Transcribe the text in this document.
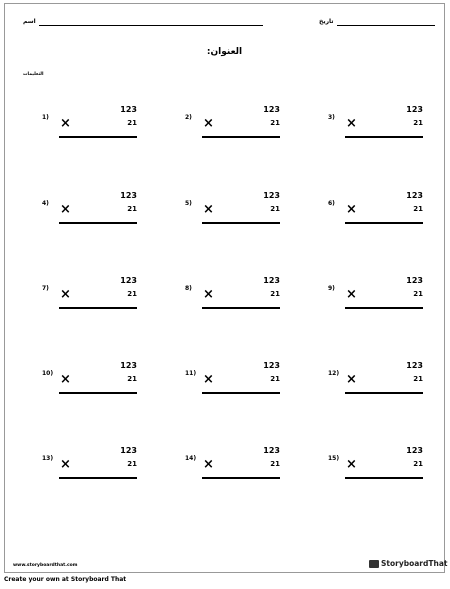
اسم	تاريخ
:العنوان
التعليمات
1)
123
×	21
2)
123
×	21
3)
123
×	21
4)
123
×	21
5)
123
×	21
6)
123
×	21
7)
123
×	21
8)
123
×	21
9)
123
×	21
10)
123
×	21
11)
123
×	21
12)
123
×	21
13)
123
×	21
14)
123
×	21
15)
123
×	21
www.storyboardthat.com	StoryboardThat
Create your own at Storyboard That
